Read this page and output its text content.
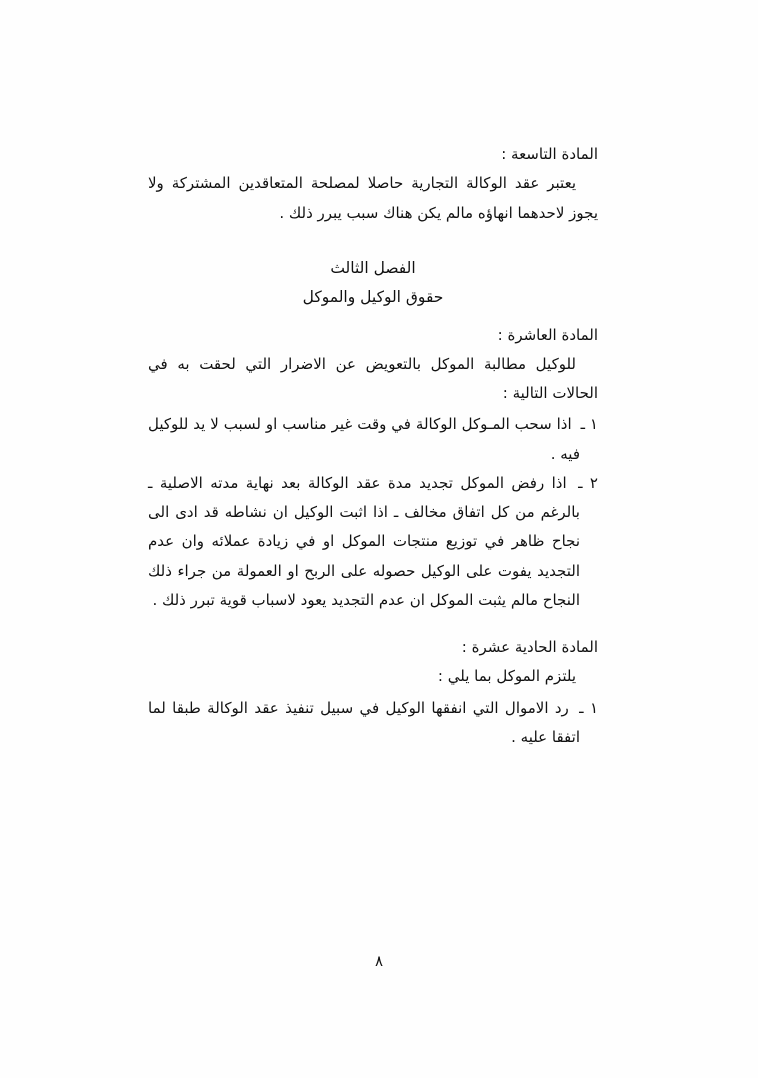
المادة التاسعة :

يعتبر عقد الوكالة التجارية حاصلا لمصلحة المتعاقدين المشتركة ولا يجوز لاحدهما انهاؤه مالم يكن هناك سبب يبرر ذلك .

الفصل الثالث
حقوق الوكيل والموكل

المادة العاشرة :

للوكيل مطالبة الموكل بالتعويض عن الاضرار التي لحقت به في الحالات التالية :

١ ـ اذا سحب المـوكل الوكالة في وقت غير مناسب او لسبب لا يد للوكيل فيه .

٢ ـ اذا رفض الموكل تجديد مدة عقد الوكالة بعد نهاية مدته الاصلية ـ بالرغم من كل اتفاق مخالف ـ اذا اثبت الوكيل ان نشاطه قد ادى الى نجاح ظاهر في توزيع منتجات الموكل او في زيادة عملائه وان عدم التجديد يفوت على الوكيل حصوله على الربح او العمولة من جراء ذلك النجاح مالم يثبت الموكل ان عدم التجديد يعود لاسباب قوية تبرر ذلك .

المادة الحادية عشرة :

يلتزم الموكل بما يلي :

١ ـ رد الاموال التي انفقها الوكيل في سبيل تنفيذ عقد الوكالة طبقا لما اتفقا عليه .

٨
